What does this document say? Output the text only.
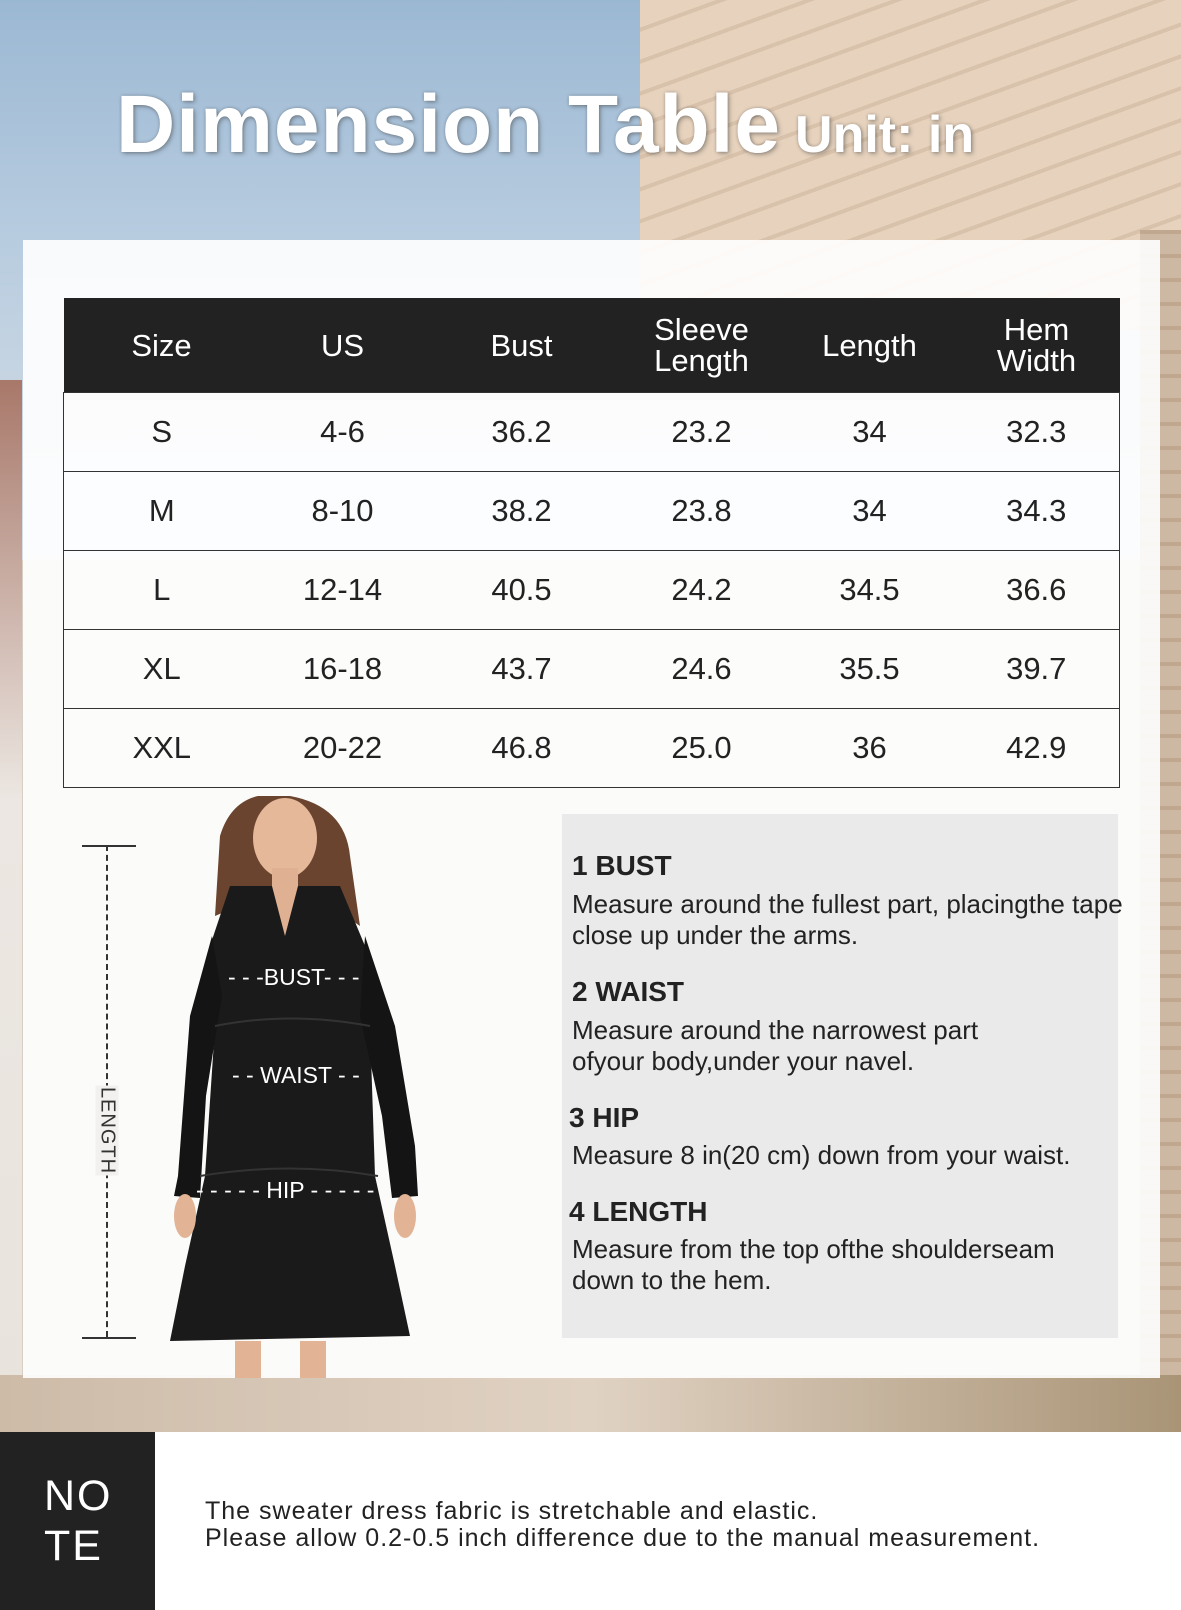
Dimension Table Unit: in
Size	US	Bust	Sleeve Length	Length	Hem Width
S	4-6	36.2	23.2	34	32.3
M	8-10	38.2	23.8	34	34.3
L	12-14	40.5	24.2	34.5	36.6
XL	16-18	43.7	24.6	35.5	39.7
XXL	20-22	46.8	25.0	36	42.9
LENGTH
- - -BUST- - -
- - WAIST - -
- - - - - HIP - - - - -
1 BUST
Measure around the fullest part, placingthe tape close up under the arms.
2 WAIST
Measure around the narrowest part ofyour body,under your navel.
3 HIP
Measure 8 in(20 cm) down from your waist.
4 LENGTH
Measure from the top ofthe shoulderseam down to the hem.
NO
TE

The sweater dress fabric is stretchable and elastic.

Please allow 0.2-0.5 inch difference due to the manual measurement.
